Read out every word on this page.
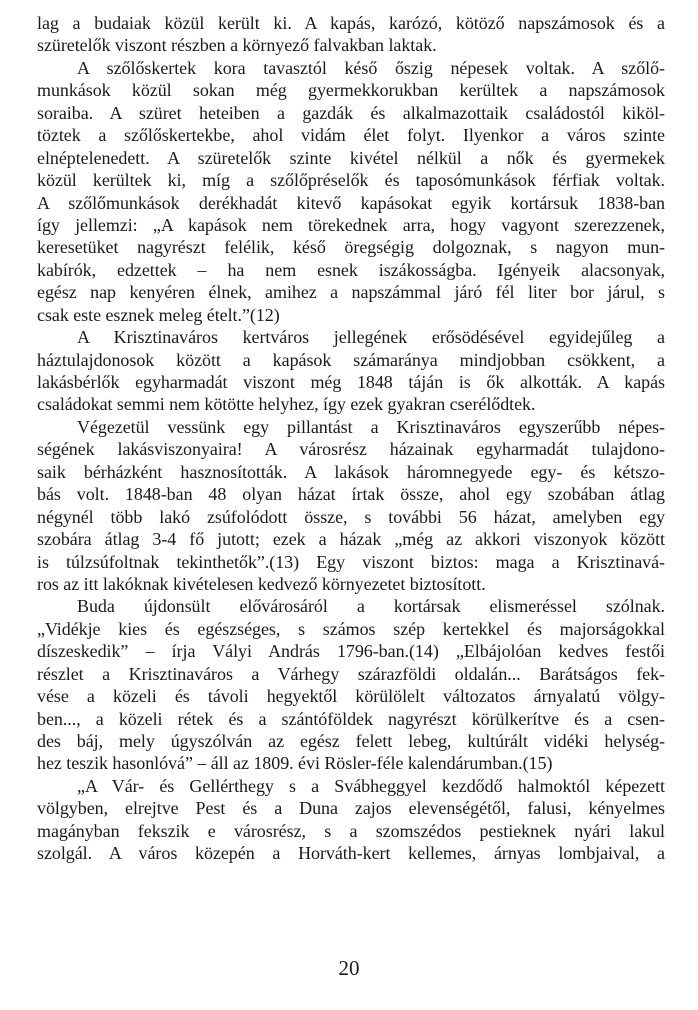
lag a budaiak közül került ki. A kapás, karózó, kötöző napszámosok és a
szüretelők viszont részben a környező falvakban laktak.
A szőlőskertek kora tavasztól késő őszig népesek voltak. A szőlő-
munkások közül sokan még gyermekkorukban kerültek a napszámosok
soraiba. A szüret heteiben a gazdák és alkalmazottaik családostól kiköl-
töztek a szőlőskertekbe, ahol vidám élet folyt. Ilyenkor a város szinte
elnéptelenedett. A szüretelők szinte kivétel nélkül a nők és gyermekek
közül kerültek ki, míg a szőlőpréselők és taposómunkások férfiak voltak.
A szőlőmunkások derékhadát kitevő kapásokat egyik kortársuk 1838-ban
így jellemzi: „A kapások nem törekednek arra, hogy vagyont szerezzenek,
keresetüket nagyrészt felélik, késő öregségig dolgoznak, s nagyon mun-
kabírók, edzettek – ha nem esnek iszákosságba. Igényeik alacsonyak,
egész nap kenyéren élnek, amihez a napszámmal járó fél liter bor járul, s
csak este esznek meleg ételt.”(12)
A Krisztinaváros kertváros jellegének erősödésével egyidejűleg a
háztulajdonosok között a kapások számaránya mindjobban csökkent, a
lakásbérlők egyharmadát viszont még 1848 táján is ők alkották. A kapás
családokat semmi nem kötötte helyhez, így ezek gyakran cserélődtek.
Végezetül vessünk egy pillantást a Krisztinaváros egyszerűbb népes-
ségének lakásviszonyaira! A városrész házainak egyharmadát tulajdono-
saik bérházként hasznosították. A lakások háromnegyede egy- és kétszo-
bás volt. 1848-ban 48 olyan házat írtak össze, ahol egy szobában átlag
négynél több lakó zsúfolódott össze, s további 56 házat, amelyben egy
szobára átlag 3-4 fő jutott; ezek a házak „még az akkori viszonyok között
is túlzsúfoltnak tekinthetők”.(13) Egy viszont biztos: maga a Krisztinavá-
ros az itt lakóknak kivételesen kedvező környezetet biztosított.
Buda újdonsült elővárosáról a kortársak elismeréssel szólnak.
„Vidékje kies és egészséges, s számos szép kertekkel és majorságokkal
díszeskedik” – írja Vályi András 1796-ban.(14) „Elbájolóan kedves festői
részlet a Krisztinaváros a Várhegy szárazföldi oldalán... Barátságos fek-
vése a közeli és távoli hegyektől körülölelt változatos árnyalatú völgy-
ben..., a közeli rétek és a szántóföldek nagyrészt körülkerítve és a csen-
des báj, mely úgyszólván az egész felett lebeg, kultúrált vidéki helység-
hez teszik hasonlóvá” – áll az 1809. évi Rösler-féle kalendárumban.(15)
„A Vár- és Gellérthegy s a Svábheggyel kezdődő halmoktól képezett
völgyben, elrejtve Pest és a Duna zajos elevenségétől, falusi, kényelmes
magányban fekszik e városrész, s a szomszédos pestieknek nyári lakul
szolgál. A város közepén a Horváth-kert kellemes, árnyas lombjaival, a
20
